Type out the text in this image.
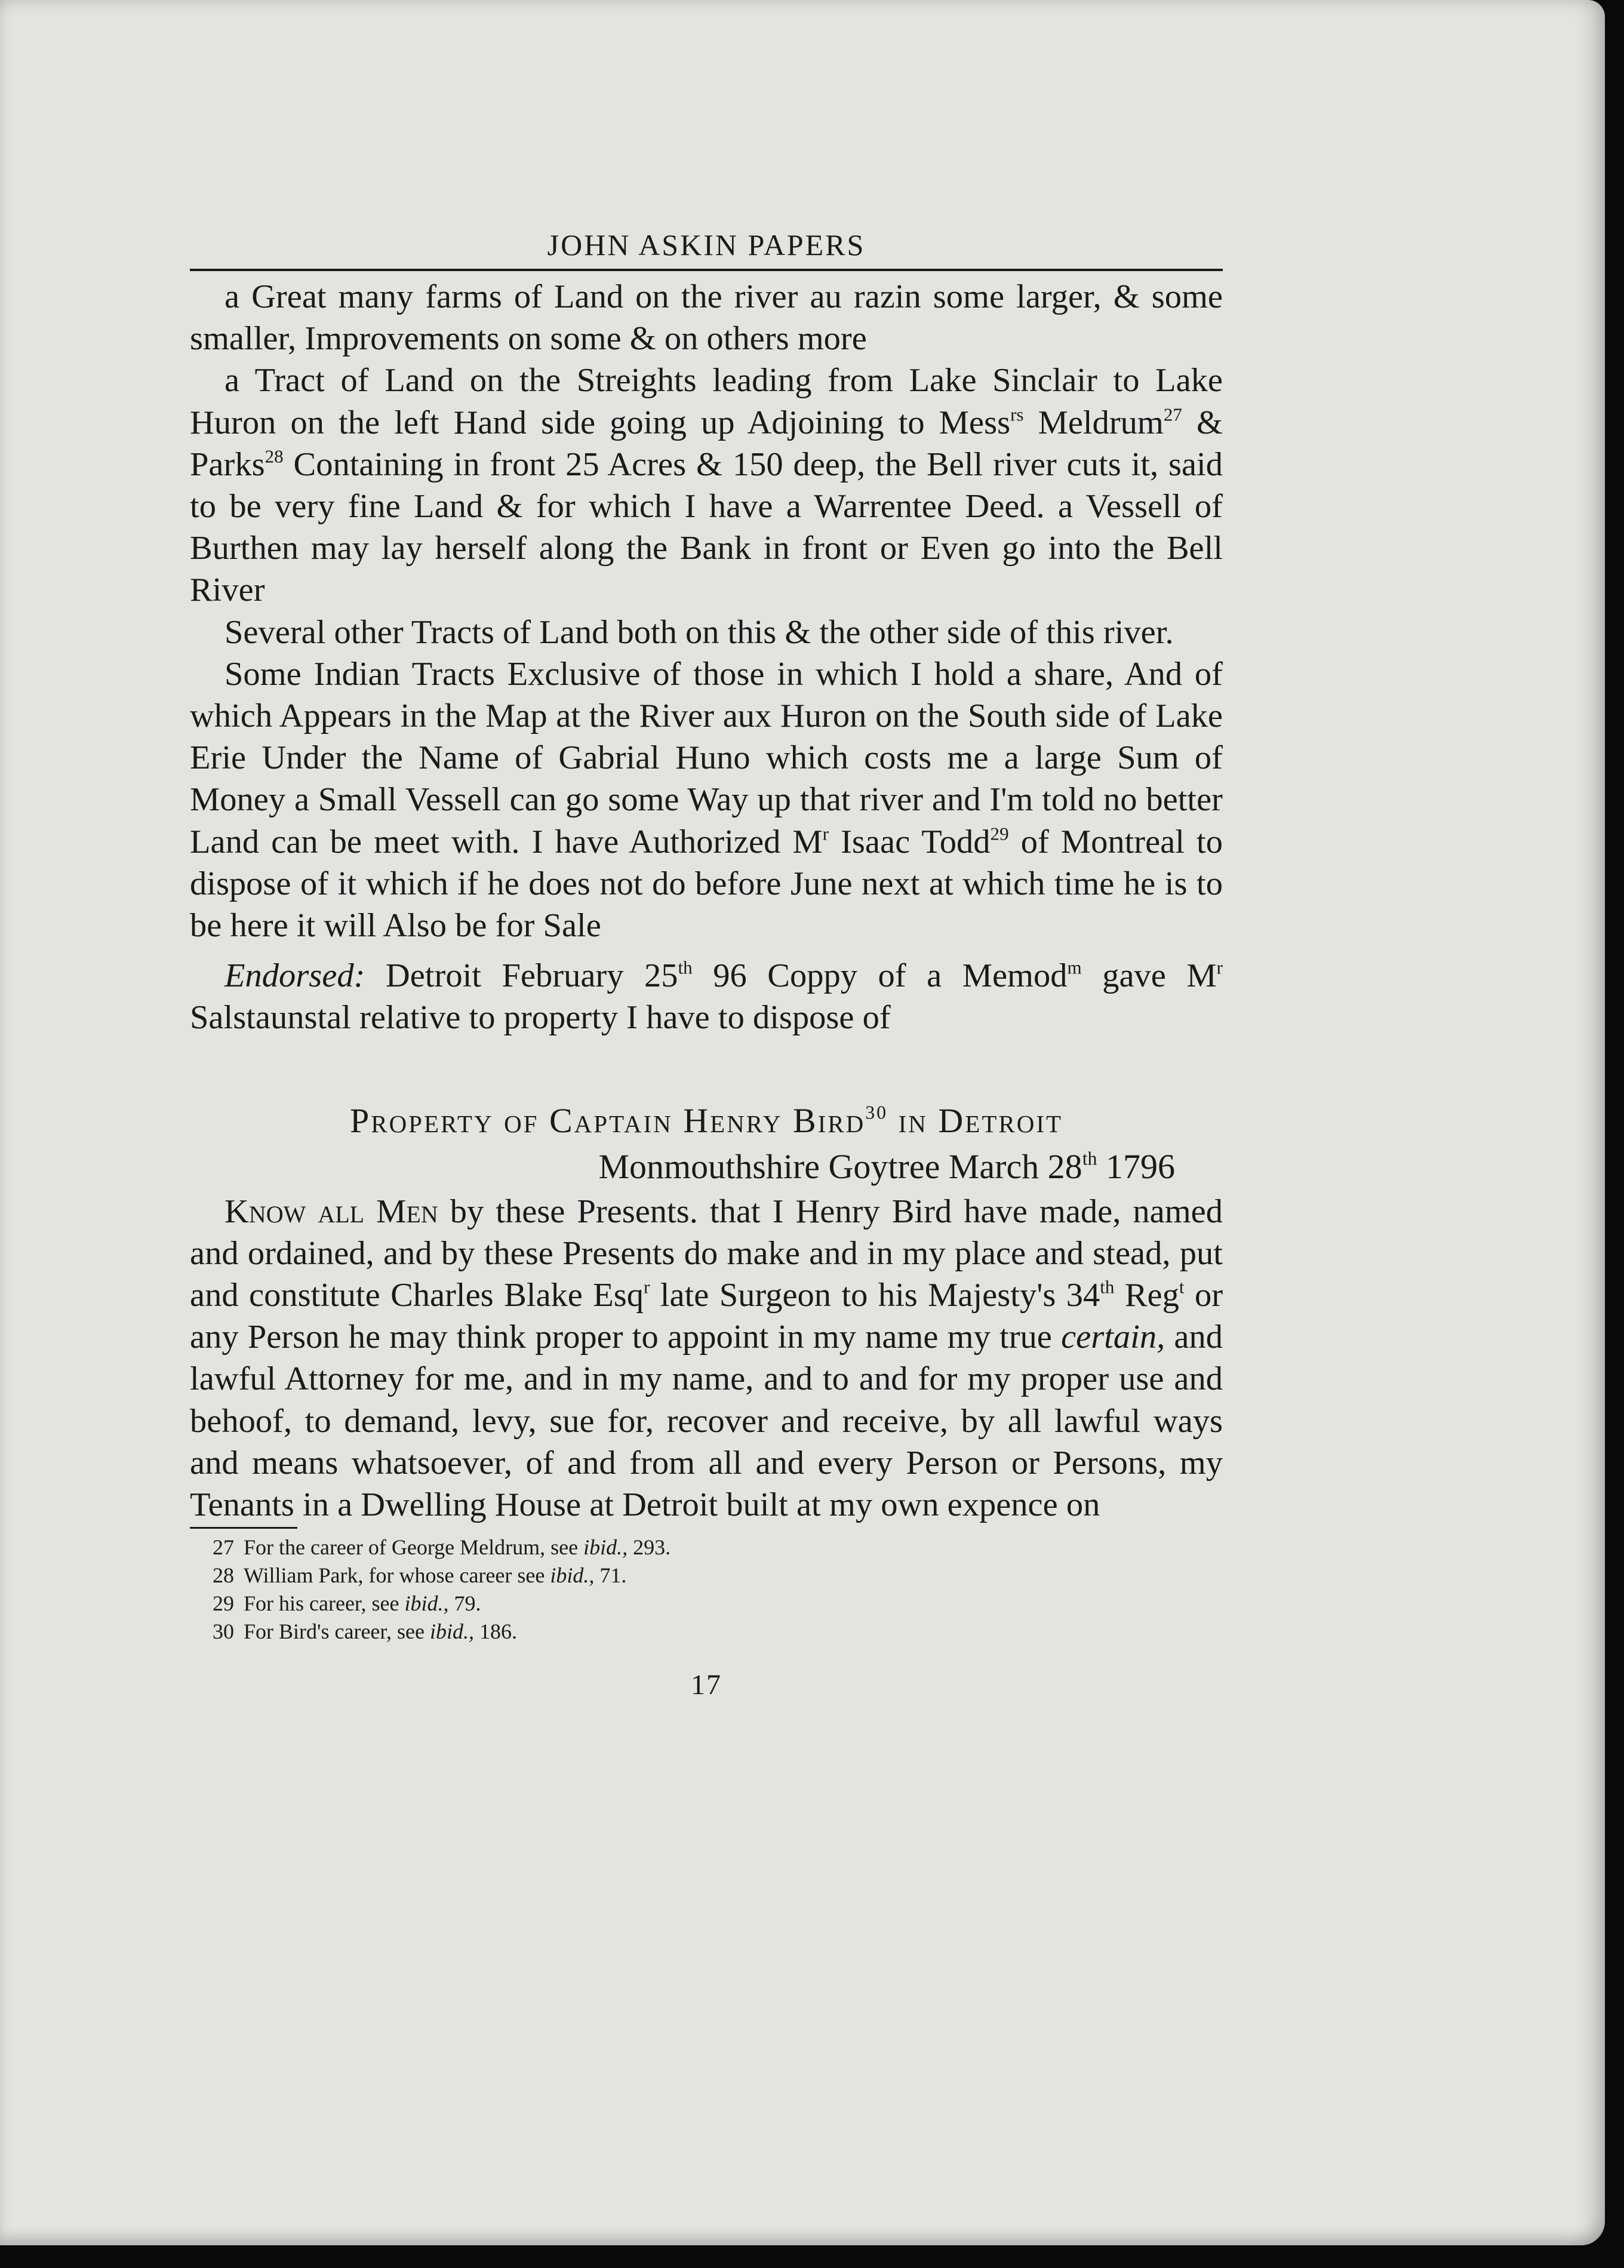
JOHN ASKIN PAPERS

a Great many farms of Land on the river au razin some larger, & some smaller, Improvements on some & on others more

a Tract of Land on the Streights leading from Lake Sinclair to Lake Huron on the left Hand side going up Adjoining to Mess$^{rs}$ Meldrum$^{27}$ & Parks$^{28}$ Containing in front 25 Acres & 150 deep, the Bell river cuts it, said to be very fine Land & for which I have a Warrentee Deed. a Vessell of Burthen may lay herself along the Bank in front or Even go into the Bell River

Several other Tracts of Land both on this & the other side of this river.

Some Indian Tracts Exclusive of those in which I hold a share, And of which Appears in the Map at the River aux Huron on the South side of Lake Erie Under the Name of Gabrial Huno which costs me a large Sum of Money a Small Vessell can go some Way up that river and I'm told no better Land can be meet with. I have Authorized $M^r$ Isaac Todd$^{29}$ of Montreal to dispose of it which if he does not do before June next at which time he is to be here it will Also be for Sale

Endorsed: Detroit February 25th 96 Coppy of a Memod$^m$ gave $M^r$ Salstaunstal relative to property I have to dispose of

Property of Captain Henry Bird$^{30}$ in Detroit
Monmouthshire Goytree March 28th 1796

Know all Men by these Presents. that I Henry Bird have made, named and ordained, and by these Presents do make and in my place and stead, put and constitute Charles Blake Esq$^r$ late Surgeon to his Majesty's 34th Reg$^t$ or any Person he may think proper to appoint in my name my true certain, and lawful Attorney for me, and in my name, and to and for my proper use and behoof, to demand, levy, sue for, recover and receive, by all lawful ways and means whatsoever, of and from all and every Person or Persons, my Tenants in a Dwelling House at Detroit built at my own expence on

27 For the career of George Meldrum, see ibid., 293.
28 William Park, for whose career see ibid., 71.
29 For his career, see ibid., 79.
30 For Bird's career, see ibid., 186.
17
